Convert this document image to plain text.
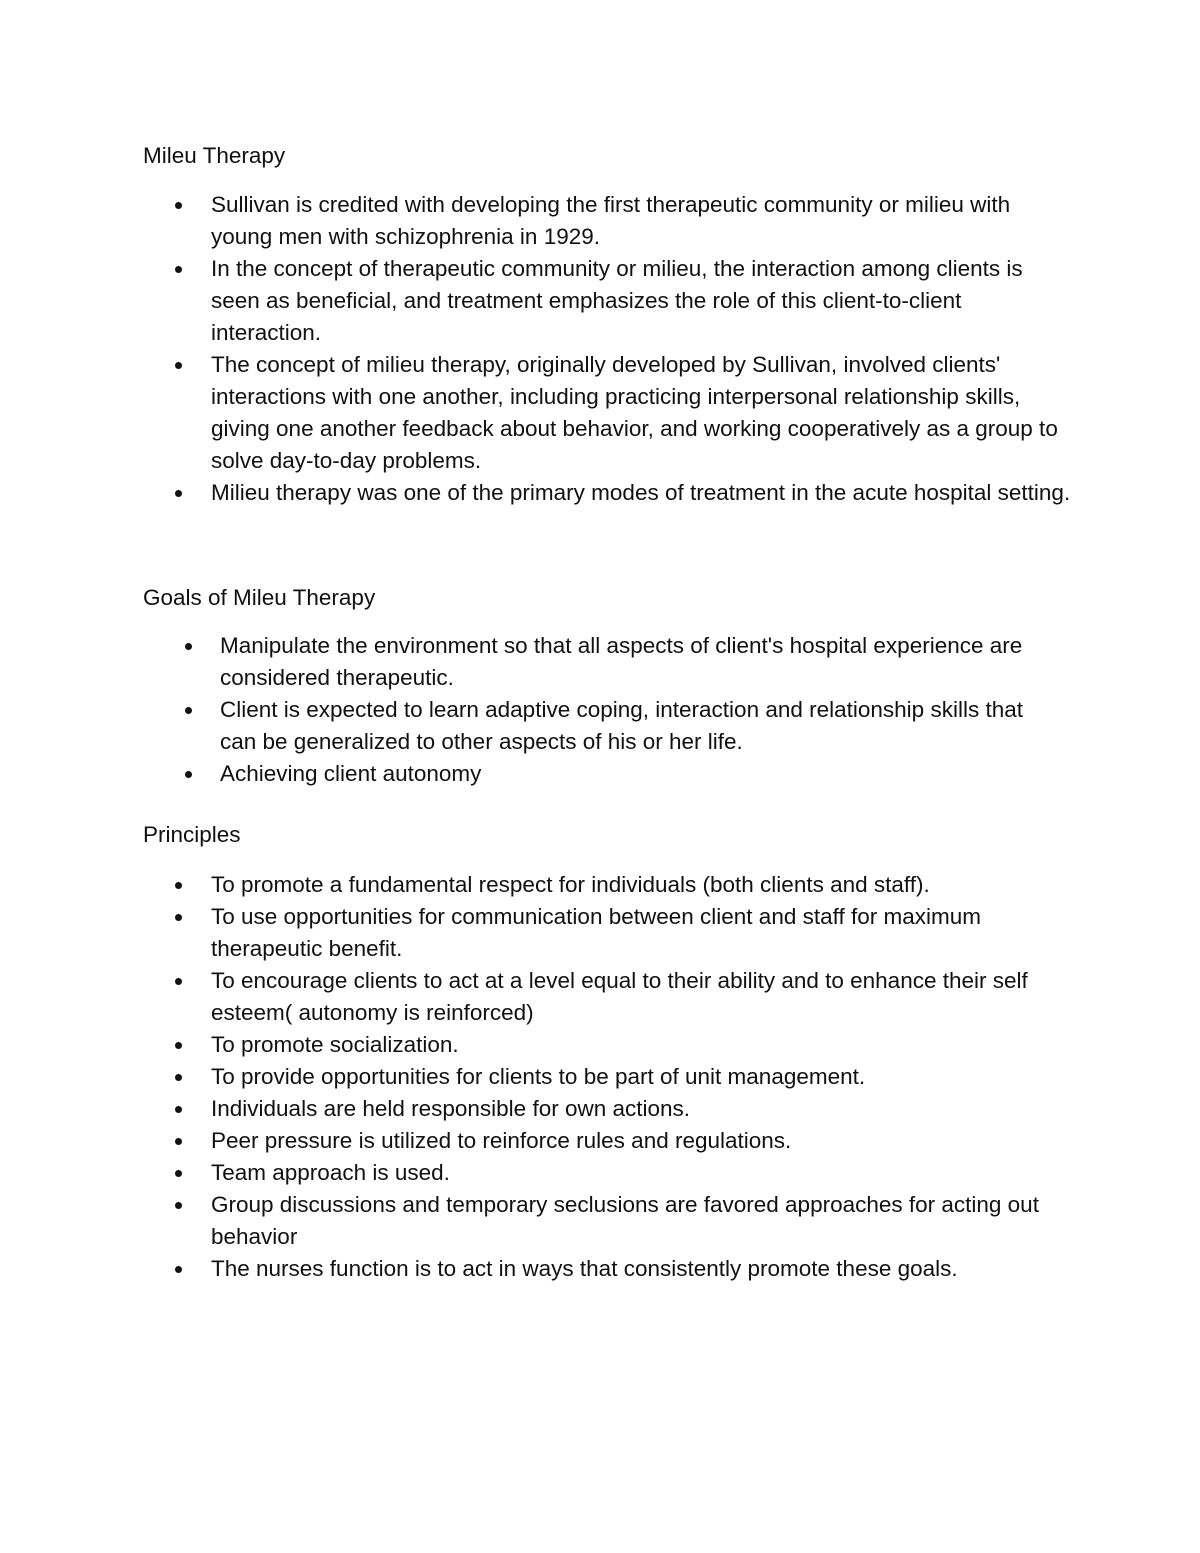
Mileu Therapy
Sullivan is credited with developing the first therapeutic community or milieu with young men with schizophrenia in 1929.
In the concept of therapeutic community or milieu, the interaction among clients is seen as beneficial, and treatment emphasizes the role of this client-to-client interaction.
The concept of milieu therapy, originally developed by Sullivan, involved clients' interactions with one another, including practicing interpersonal relationship skills, giving one another feedback about behavior, and working cooperatively as a group to solve day-to-day problems.
Milieu therapy was one of the primary modes of treatment in the acute hospital setting.
Goals of Mileu Therapy
Manipulate the environment so that all aspects of client's hospital experience are considered therapeutic.
Client is expected to learn adaptive coping, interaction and relationship skills that can be generalized to other aspects of his or her life.
Achieving client autonomy
Principles
To promote a fundamental respect for individuals (both clients and staff).
To use opportunities for communication between client and staff for maximum therapeutic benefit.
To encourage clients to act at a level equal to their ability and to enhance their self esteem( autonomy is reinforced)
To promote socialization.
To provide opportunities for clients to be part of unit management.
Individuals are held responsible for own actions.
Peer pressure is utilized to reinforce rules and regulations.
Team approach is used.
Group discussions and temporary seclusions are favored approaches for acting out behavior
The nurses function is to act in ways that consistently promote these goals.
